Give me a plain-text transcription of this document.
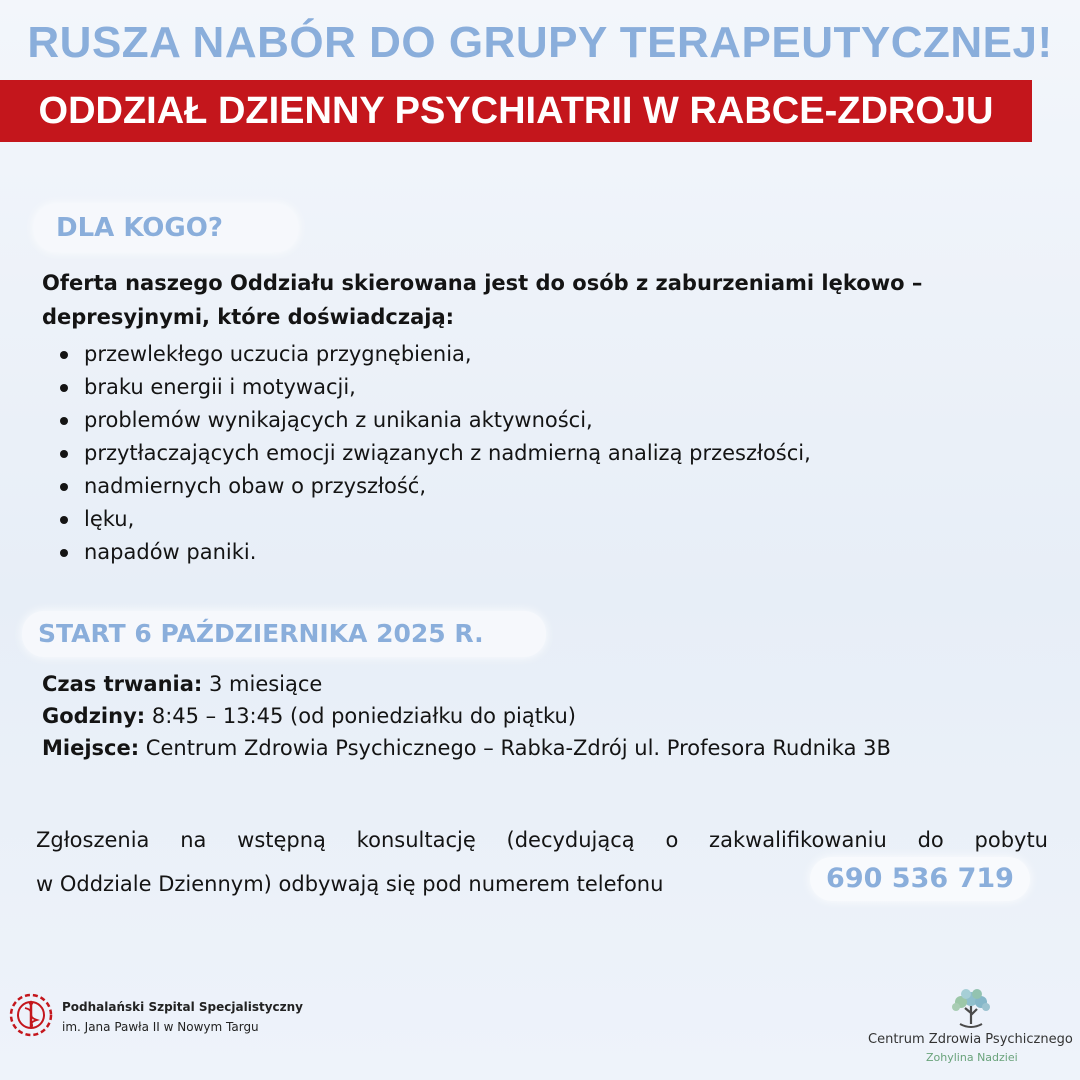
RUSZA NABÓR DO GRUPY TERAPEUTYCZNEJ!
ODDZIAŁ DZIENNY PSYCHIATRII W RABCE-ZDROJU
DLA KOGO?
Oferta naszego Oddziału skierowana jest do osób z zaburzeniami lękowo – depresyjnymi, które doświadczają:
przewlekłego uczucia przygnębienia,
braku energii i motywacji,
problemów wynikających z unikania aktywności,
przytłaczających emocji związanych z nadmierną analizą przeszłości,
nadmiernych obaw o przyszłość,
lęku,
napadów paniki.
START 6 PAŹDZIERNIKA 2025 R.
Czas trwania: 3 miesiące
Godziny: 8:45 – 13:45 (od poniedziałku do piątku)
Miejsce: Centrum Zdrowia Psychicznego – Rabka-Zdrój ul. Profesora Rudnika 3B
Zgłoszenia na wstępną konsultację (decydującą o zakwalifikowaniu do pobytu
w Oddziale Dziennym) odbywają się pod numerem telefonu	690 536 719
Podhalański Szpital Specjalistyczny
im. Jana Pawła II w Nowym Targu
Centrum Zdrowia Psychicznego
Zohylina Nadziei
